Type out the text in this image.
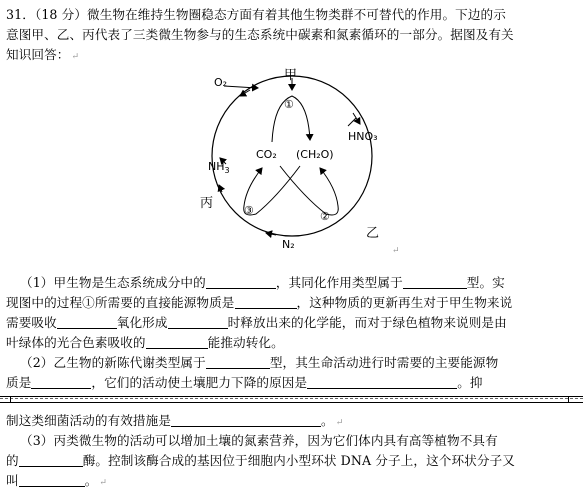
31．（18 分）微生物在维持生物圈稳态方面有着其他生物类群不可替代的作用。下边的示
意图甲、乙、丙代表了三类微生物参与的生态系统中碳素和氮素循环的一部分。据图及有关
知识回答： ↵
O₂	甲
HNO₃
CO₂ (CH₂O)
$NH_3$
丙
乙
N₂
①
②
③
↵
（1）甲生物是生态系统成分中的	，其同化作用类型属于	型。实
现图中的过程①所需要的直接能源物质是	，这种物质的更新再生对于甲生物来说
需要吸收	氧化形成	时释放出来的化学能，而对于绿色植物来说则是由
叶绿体的光合色素吸收的	能推动转化。
（2）乙生物的新陈代谢类型属于	型，其生命活动进行时需要的主要能源物
质是	，它们的活动使土壤肥力下降的原因是	。抑
制这类细菌活动的有效措施是	。 ↵
（3）丙类微生物的活动可以增加土壤的氮素营养，因为它们体内具有高等植物不具有
的	酶。控制该酶合成的基因位于细胞内小型环状 DNA 分子上，这个环状分子又
叫	。 ↵
